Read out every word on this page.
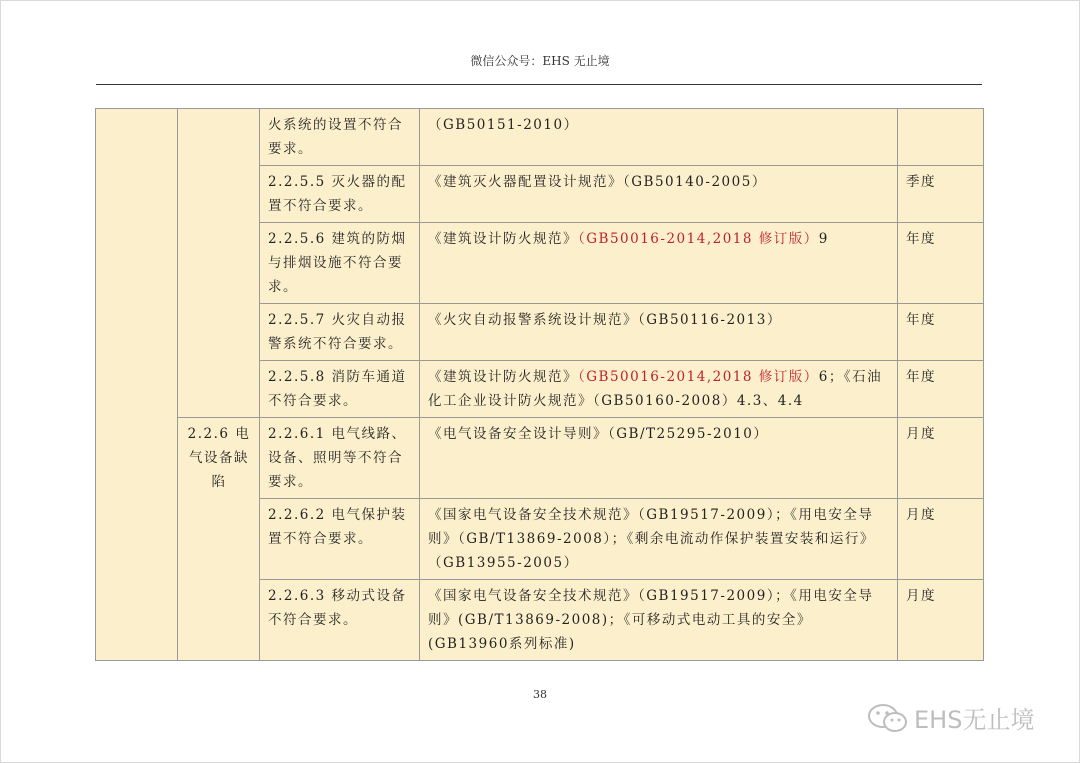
微信公众号：EHS 无止境
		火系统的设置不符合要求。	（GB50151-2010）	
		2.2.5.5 灭火器的配置不符合要求。	《建筑灭火器配置设计规范》（GB50140-2005）	季度
		2.2.5.6 建筑的防烟与排烟设施不符合要求。	《建筑设计防火规范》（GB50016-2014,2018 修订版）9	年度
		2.2.5.7 火灾自动报警系统不符合要求。	《火灾自动报警系统设计规范》（GB50116-2013）	年度
		2.2.5.8 消防车通道不符合要求。	《建筑设计防火规范》（GB50016-2014,2018 修订版）6；《石油化工企业设计防火规范》（GB50160-2008）4.3、4.4	年度
	2.2.6 电气设备缺陷	2.2.6.1 电气线路、设备、照明等不符合要求。	《电气设备安全设计导则》（GB/T25295-2010）	月度
		2.2.6.2 电气保护装置不符合要求。	《国家电气设备安全技术规范》（GB19517-2009）；《用电安全导则》（GB/T13869-2008）；《剩余电流动作保护装置安装和运行》（GB13955-2005）	月度
		2.2.6.3 移动式设备不符合要求。	《国家电气设备安全技术规范》（GB19517-2009）；《用电安全导则》(GB/T13869-2008)；《可移动式电动工具的安全》(GB13960系列标准)	月度
38
EHS无止境
